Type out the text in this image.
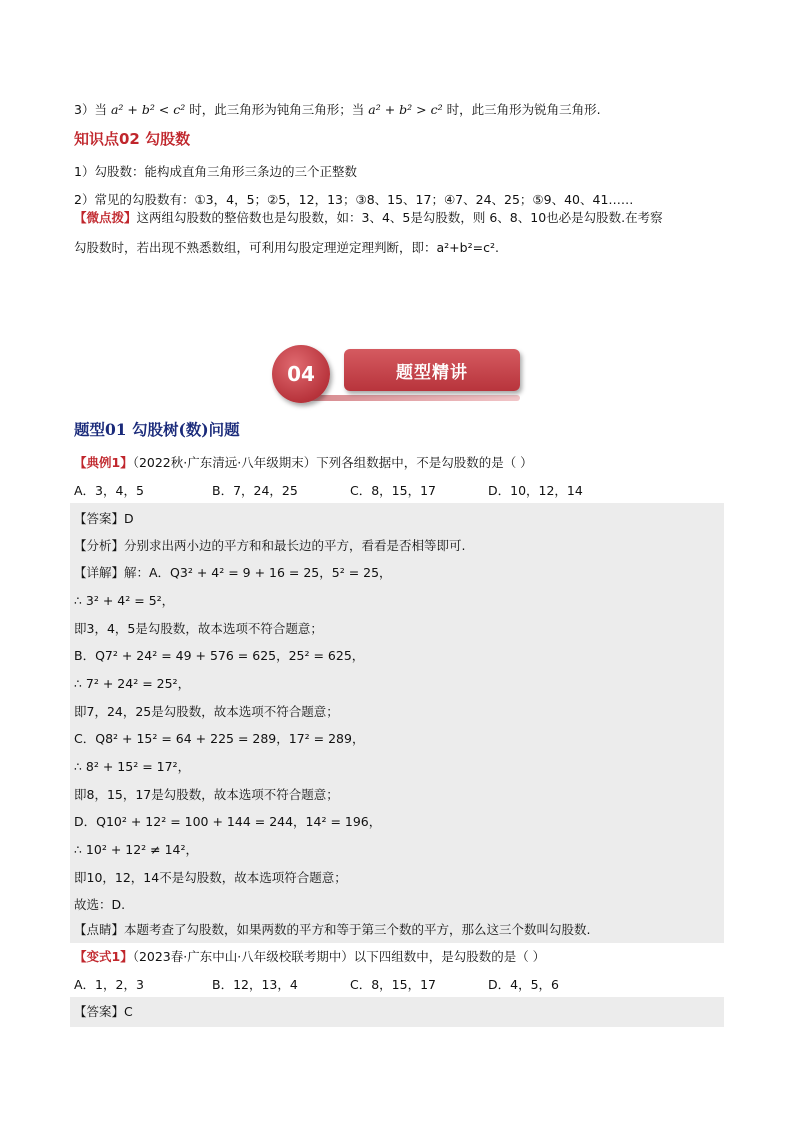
3）当 a² + b² < c² 时，此三角形为钝角三角形；当 a² + b² > c² 时，此三角形为锐角三角形.
知识点02 勾股数
1）勾股数：能构成直角三角形三条边的三个正整数
2）常见的勾股数有：①3，4，5；②5，12，13；③8、15、17；④7、24、25；⑤9、40、41……
【微点拨】这两组勾股数的整倍数也是勾股数，如：3、4、5是勾股数，则 6、8、10也必是勾股数.在考察
勾股数时，若出现不熟悉数组，可利用勾股定理逆定理判断，即：a²+b²=c².
04	题型精讲
题型01 勾股树(数)问题
【典例1】（2022秋·广东清远·八年级期末）下列各组数据中，不是勾股数的是（ ）
A．3，4，5	B．7，24，25	C．8，15，17	D．10，12，14
【答案】D
【分析】分别求出两小边的平方和和最长边的平方，看看是否相等即可.
【详解】解：A．Q3² + 4² = 9 + 16 = 25，5² = 25，
∴ 3² + 4² = 5²，
即3，4，5是勾股数，故本选项不符合题意；
B．Q7² + 24² = 49 + 576 = 625，25² = 625，
∴ 7² + 24² = 25²，
即7，24，25是勾股数，故本选项不符合题意；
C．Q8² + 15² = 64 + 225 = 289，17² = 289，
∴ 8² + 15² = 17²，
即8，15，17是勾股数，故本选项不符合题意；
D．Q10² + 12² = 100 + 144 = 244，14² = 196，
∴ 10² + 12² ≠ 14²，
即10，12，14不是勾股数，故本选项符合题意；
故选：D.
【点睛】本题考查了勾股数，如果两数的平方和等于第三个数的平方，那么这三个数叫勾股数.
【变式1】（2023春·广东中山·八年级校联考期中）以下四组数中，是勾股数的是（ ）
A．1，2，3	B．12，13，4	C．8，15，17	D．4，5，6
【答案】C
